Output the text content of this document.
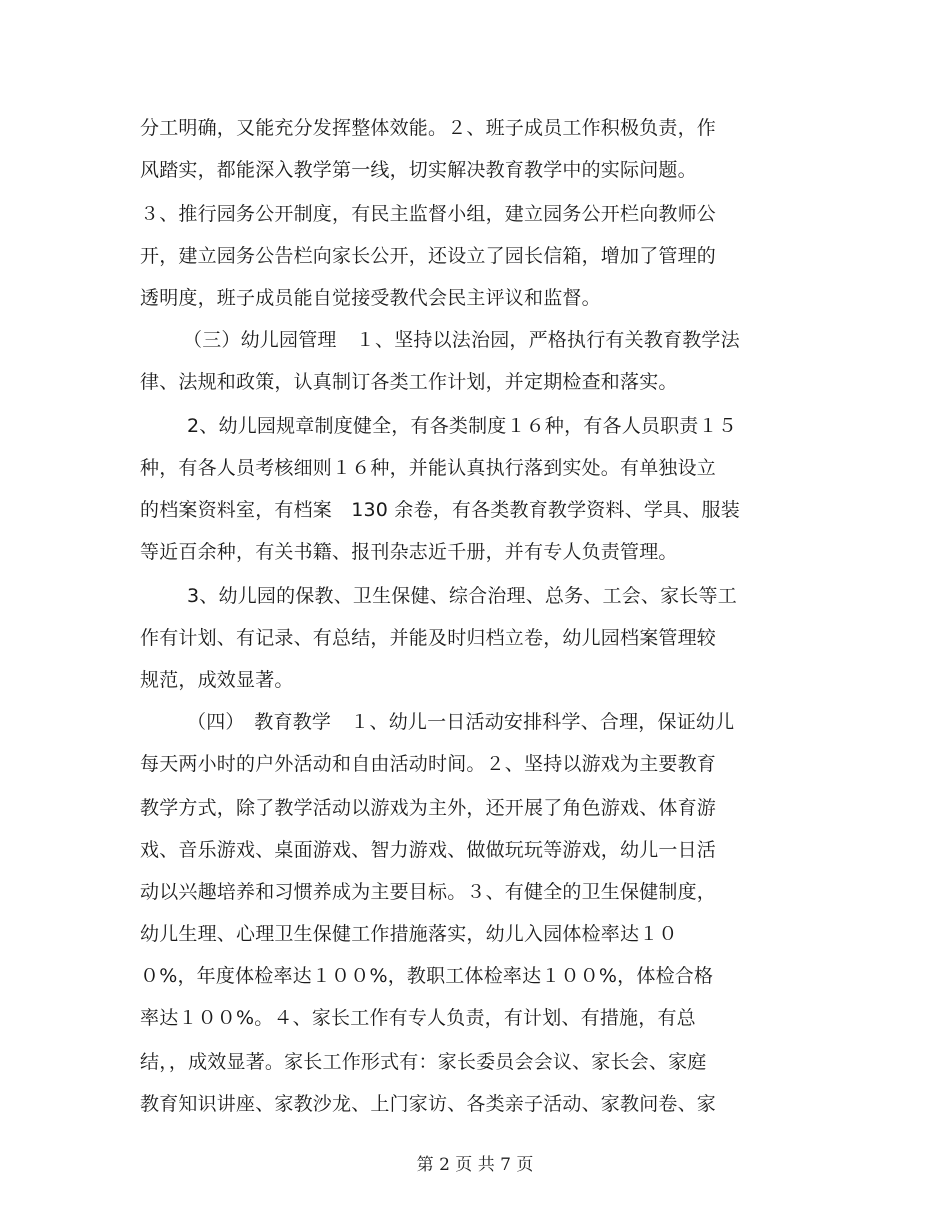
分工明确，又能充分发挥整体效能。２、班子成员工作积极负责，作
风踏实，都能深入教学第一线，切实解决教育教学中的实际问题。
３、推行园务公开制度，有民主监督小组，建立园务公开栏向教师公
开，建立园务公告栏向家长公开，还设立了园长信箱，增加了管理的
透明度，班子成员能自觉接受教代会民主评议和监督。
（三）幼儿园管理　１、坚持以法治园，严格执行有关教育教学法
律、法规和政策，认真制订各类工作计划，并定期检查和落实。
2、幼儿园规章制度健全，有各类制度１６种，有各人员职责１５
种，有各人员考核细则１６种，并能认真执行落到实处。有单独设立
的档案资料室，有档案　130 余卷，有各类教育教学资料、学具、服装
等近百余种，有关书籍、报刊杂志近千册，并有专人负责管理。
3、幼儿园的保教、卫生保健、综合治理、总务、工会、家长等工
作有计划、有记录、有总结，并能及时归档立卷，幼儿园档案管理较
规范，成效显著。
（四）　教育教学　１、幼儿一日活动安排科学、合理，保证幼儿
每天两小时的户外活动和自由活动时间。２、坚持以游戏为主要教育
教学方式，除了教学活动以游戏为主外，还开展了角色游戏、体育游
戏、音乐游戏、桌面游戏、智力游戏、做做玩玩等游戏，幼儿一日活
动以兴趣培养和习惯养成为主要目标。３、有健全的卫生保健制度，
幼儿生理、心理卫生保健工作措施落实，幼儿入园体检率达１０
０%，年度体检率达１００%，教职工体检率达１００%，体检合格
率达１００%。４、家长工作有专人负责，有计划、有措施，有总
结，，成效显著。家长工作形式有：家长委员会会议、家长会、家庭
教育知识讲座、家教沙龙、上门家访、各类亲子活动、家教问卷、家
第 2 页 共 7 页
